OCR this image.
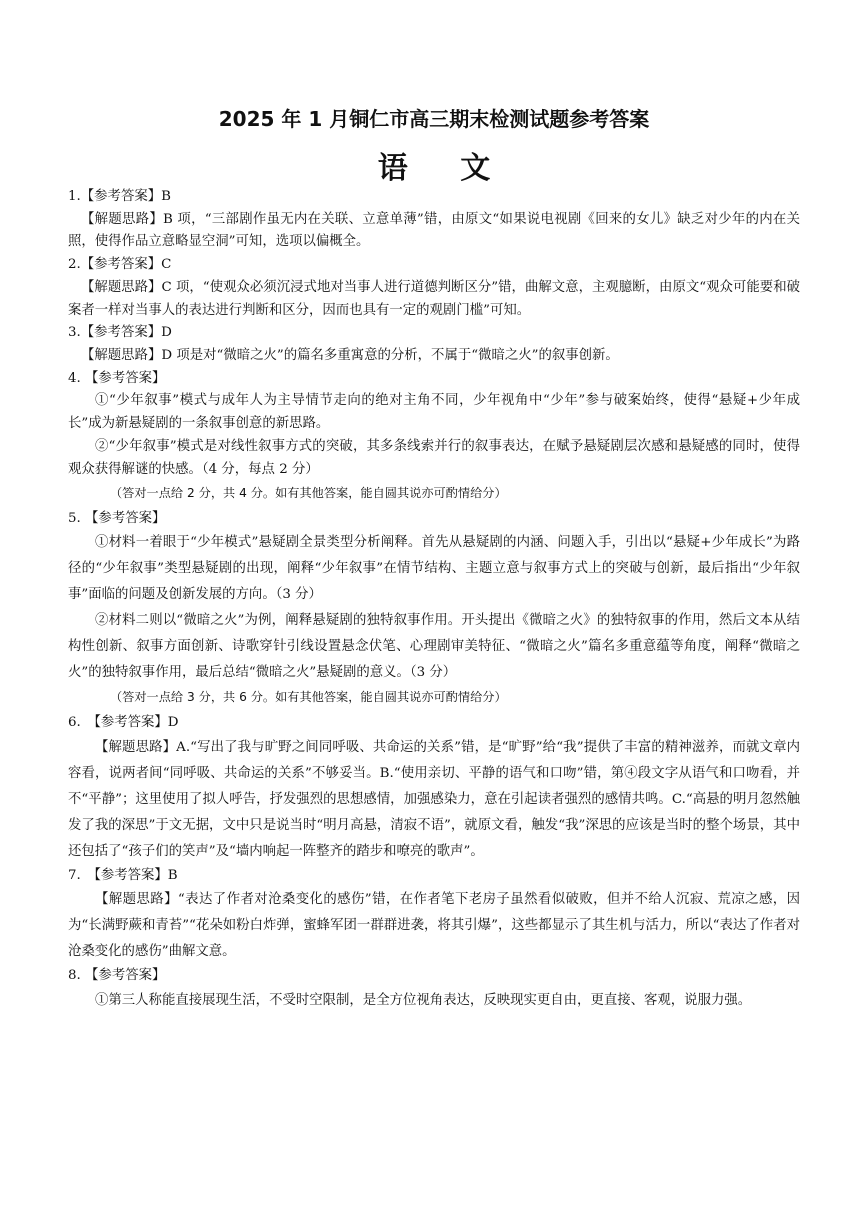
2025 年 1 月铜仁市高三期末检测试题参考答案
语 文
1.【参考答案】B
【解题思路】B 项，“三部剧作虽无内在关联、立意单薄”错，由原文“如果说电视剧《回来的女儿》缺乏对少年的内在关照，使得作品立意略显空洞”可知，选项以偏概全。
2.【参考答案】C
【解题思路】C 项，“使观众必须沉浸式地对当事人进行道德判断区分”错，曲解文意，主观臆断，由原文“观众可能要和破案者一样对当事人的表达进行判断和区分，因而也具有一定的观剧门槛”可知。
3.【参考答案】D
【解题思路】D 项是对“微暗之火”的篇名多重寓意的分析，不属于“微暗之火”的叙事创新。
4. 【参考答案】
①“少年叙事”模式与成年人为主导情节走向的绝对主角不同，少年视角中“少年”参与破案始终，使得“悬疑+少年成长”成为新悬疑剧的一条叙事创意的新思路。
②“少年叙事”模式是对线性叙事方式的突破，其多条线索并行的叙事表达，在赋予悬疑剧层次感和悬疑感的同时，使得观众获得解谜的快感。（4 分，每点 2 分）
（答对一点给 2 分，共 4 分。如有其他答案，能自圆其说亦可酌情给分）
5. 【参考答案】
①材料一着眼于“少年模式”悬疑剧全景类型分析阐释。首先从悬疑剧的内涵、问题入手，引出以“悬疑+少年成长”为路径的“少年叙事”类型悬疑剧的出现，阐释“少年叙事”在情节结构、主题立意与叙事方式上的突破与创新，最后指出“少年叙事”面临的问题及创新发展的方向。（3 分）
②材料二则以“微暗之火”为例，阐释悬疑剧的独特叙事作用。开头提出《微暗之火》的独特叙事的作用，然后文本从结构性创新、叙事方面创新、诗歌穿针引线设置悬念伏笔、心理剧审美特征、“微暗之火”篇名多重意蕴等角度，阐释“微暗之火”的独特叙事作用，最后总结“微暗之火”悬疑剧的意义。（3 分）
（答对一点给 3 分，共 6 分。如有其他答案，能自圆其说亦可酌情给分）
6.　【参考答案】D
【解题思路】A.“写出了我与旷野之间同呼吸、共命运的关系”错，是“旷野”给“我”提供了丰富的精神滋养，而就文章内容看，说两者间“同呼吸、共命运的关系”不够妥当。B.“使用亲切、平静的语气和口吻”错，第④段文字从语气和口吻看，并不“平静”；这里使用了拟人呼告，抒发强烈的思想感情，加强感染力，意在引起读者强烈的感情共鸣。C.“高悬的明月忽然触发了我的深思”于文无据，文中只是说当时“明月高悬，清寂不语”，就原文看，触发“我”深思的应该是当时的整个场景，其中还包括了“孩子们的笑声”及“墙内响起一阵整齐的踏步和嘹亮的歌声”。
7.　【参考答案】B
【解题思路】“表达了作者对沧桑变化的感伤”错，在作者笔下老房子虽然看似破败，但并不给人沉寂、荒凉之感，因为“长满野蕨和青苔”“花朵如粉白炸弹，蜜蜂军团一群群进袭，将其引爆”，这些都显示了其生机与活力，所以“表达了作者对沧桑变化的感伤”曲解文意。
8. 【参考答案】
①第三人称能直接展现生活，不受时空限制，是全方位视角表达，反映现实更自由，更直接、客观，说服力强。
